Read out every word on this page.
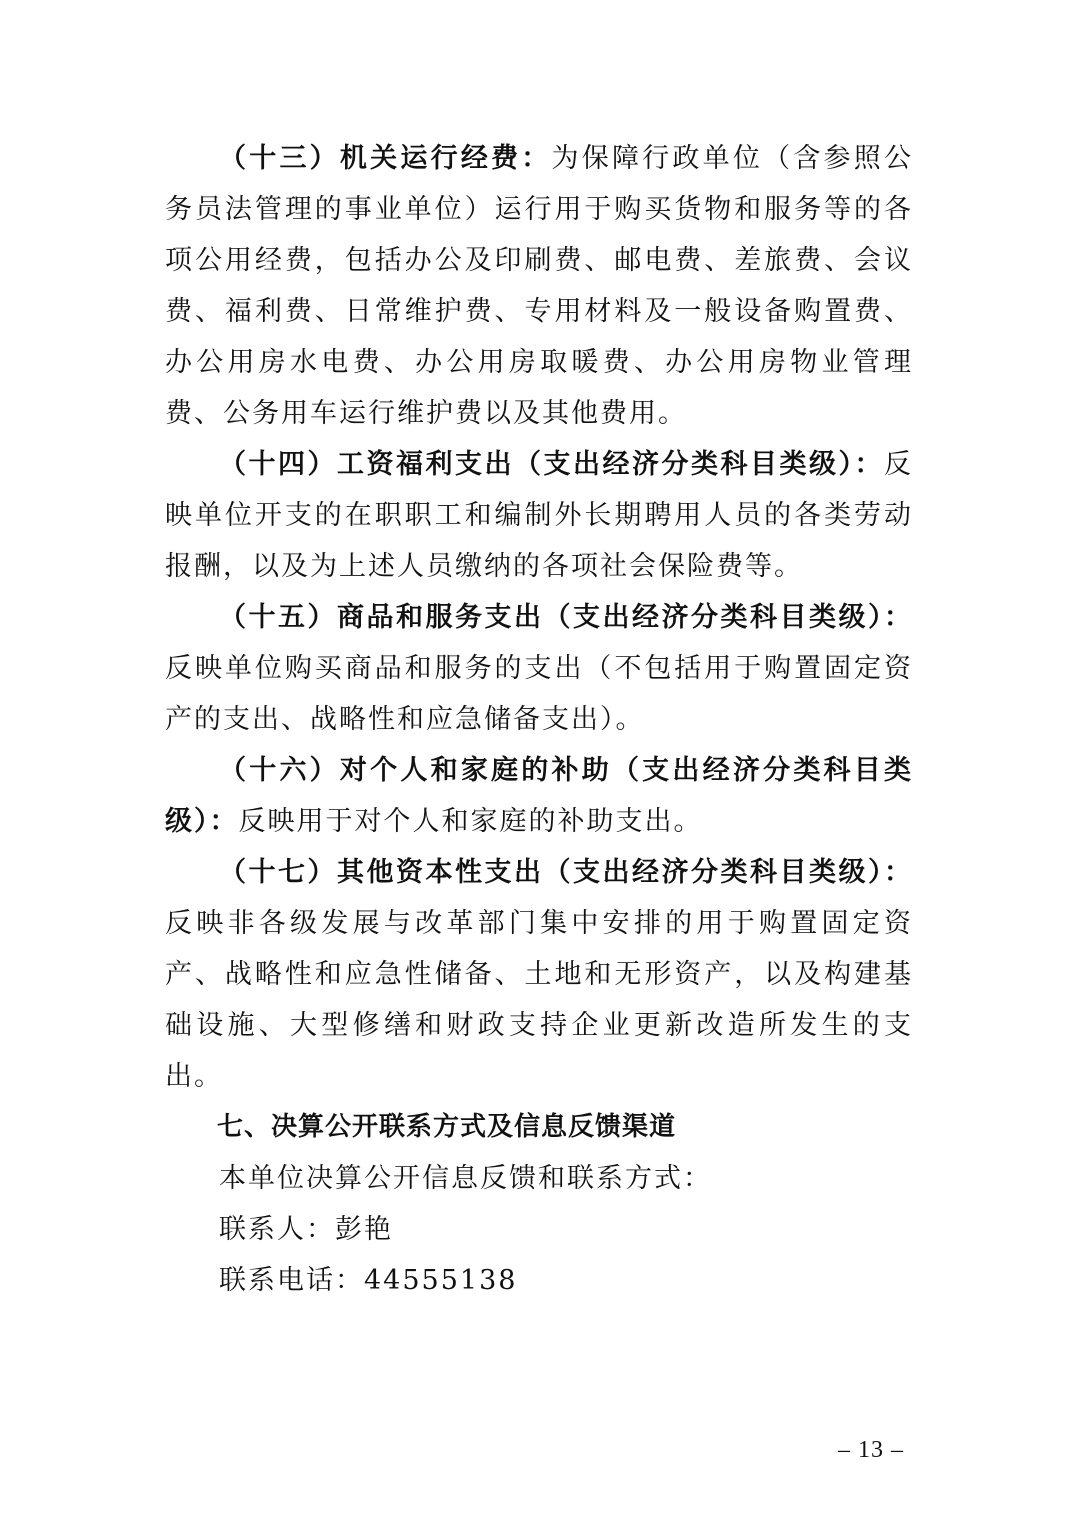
（十三）机关运行经费：为保障行政单位（含参照公务员法管理的事业单位）运行用于购买货物和服务等的各项公用经费，包括办公及印刷费、邮电费、差旅费、会议费、福利费、日常维护费、专用材料及一般设备购置费、办公用房水电费、办公用房取暖费、办公用房物业管理费、公务用车运行维护费以及其他费用。

（十四）工资福利支出（支出经济分类科目类级）：反映单位开支的在职职工和编制外长期聘用人员的各类劳动报酬，以及为上述人员缴纳的各项社会保险费等。

（十五）商品和服务支出（支出经济分类科目类级）：反映单位购买商品和服务的支出（不包括用于购置固定资产的支出、战略性和应急储备支出）。

（十六）对个人和家庭的补助（支出经济分类科目类级）：反映用于对个人和家庭的补助支出。

（十七）其他资本性支出（支出经济分类科目类级）：反映非各级发展与改革部门集中安排的用于购置固定资产、战略性和应急性储备、土地和无形资产，以及构建基础设施、大型修缮和财政支持企业更新改造所发生的支出。

七、决算公开联系方式及信息反馈渠道

本单位决算公开信息反馈和联系方式：

联系人：彭艳

联系电话：44555138

– 13 –
